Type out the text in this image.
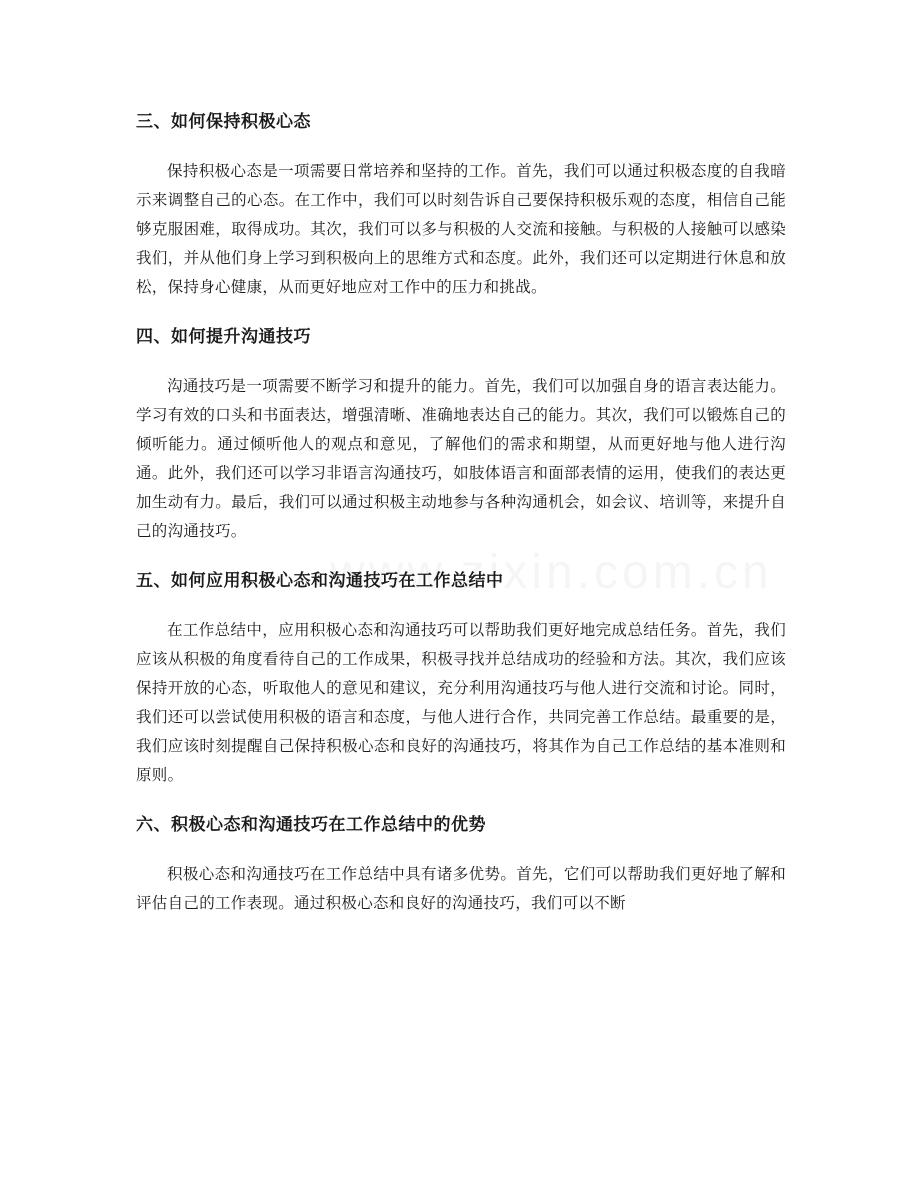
三、如何保持积极心态

保持积极心态是一项需要日常培养和坚持的工作。首先，我们可以通过积极态度的自我暗示来调整自己的心态。在工作中，我们可以时刻告诉自己要保持积极乐观的态度，相信自己能够克服困难，取得成功。其次，我们可以多与积极的人交流和接触。与积极的人接触可以感染我们，并从他们身上学习到积极向上的思维方式和态度。此外，我们还可以定期进行休息和放松，保持身心健康，从而更好地应对工作中的压力和挑战。

四、如何提升沟通技巧

沟通技巧是一项需要不断学习和提升的能力。首先，我们可以加强自身的语言表达能力。学习有效的口头和书面表达，增强清晰、准确地表达自己的能力。其次，我们可以锻炼自己的倾听能力。通过倾听他人的观点和意见，了解他们的需求和期望，从而更好地与他人进行沟通。此外，我们还可以学习非语言沟通技巧，如肢体语言和面部表情的运用，使我们的表达更加生动有力。最后，我们可以通过积极主动地参与各种沟通机会，如会议、培训等，来提升自己的沟通技巧。

五、如何应用积极心态和沟通技巧在工作总结中

在工作总结中，应用积极心态和沟通技巧可以帮助我们更好地完成总结任务。首先，我们应该从积极的角度看待自己的工作成果，积极寻找并总结成功的经验和方法。其次，我们应该保持开放的心态，听取他人的意见和建议，充分利用沟通技巧与他人进行交流和讨论。同时，我们还可以尝试使用积极的语言和态度，与他人进行合作，共同完善工作总结。最重要的是，我们应该时刻提醒自己保持积极心态和良好的沟通技巧，将其作为自己工作总结的基本准则和原则。

六、积极心态和沟通技巧在工作总结中的优势

积极心态和沟通技巧在工作总结中具有诸多优势。首先，它们可以帮助我们更好地了解和评估自己的工作表现。通过积极心态和良好的沟通技巧，我们可以不断
